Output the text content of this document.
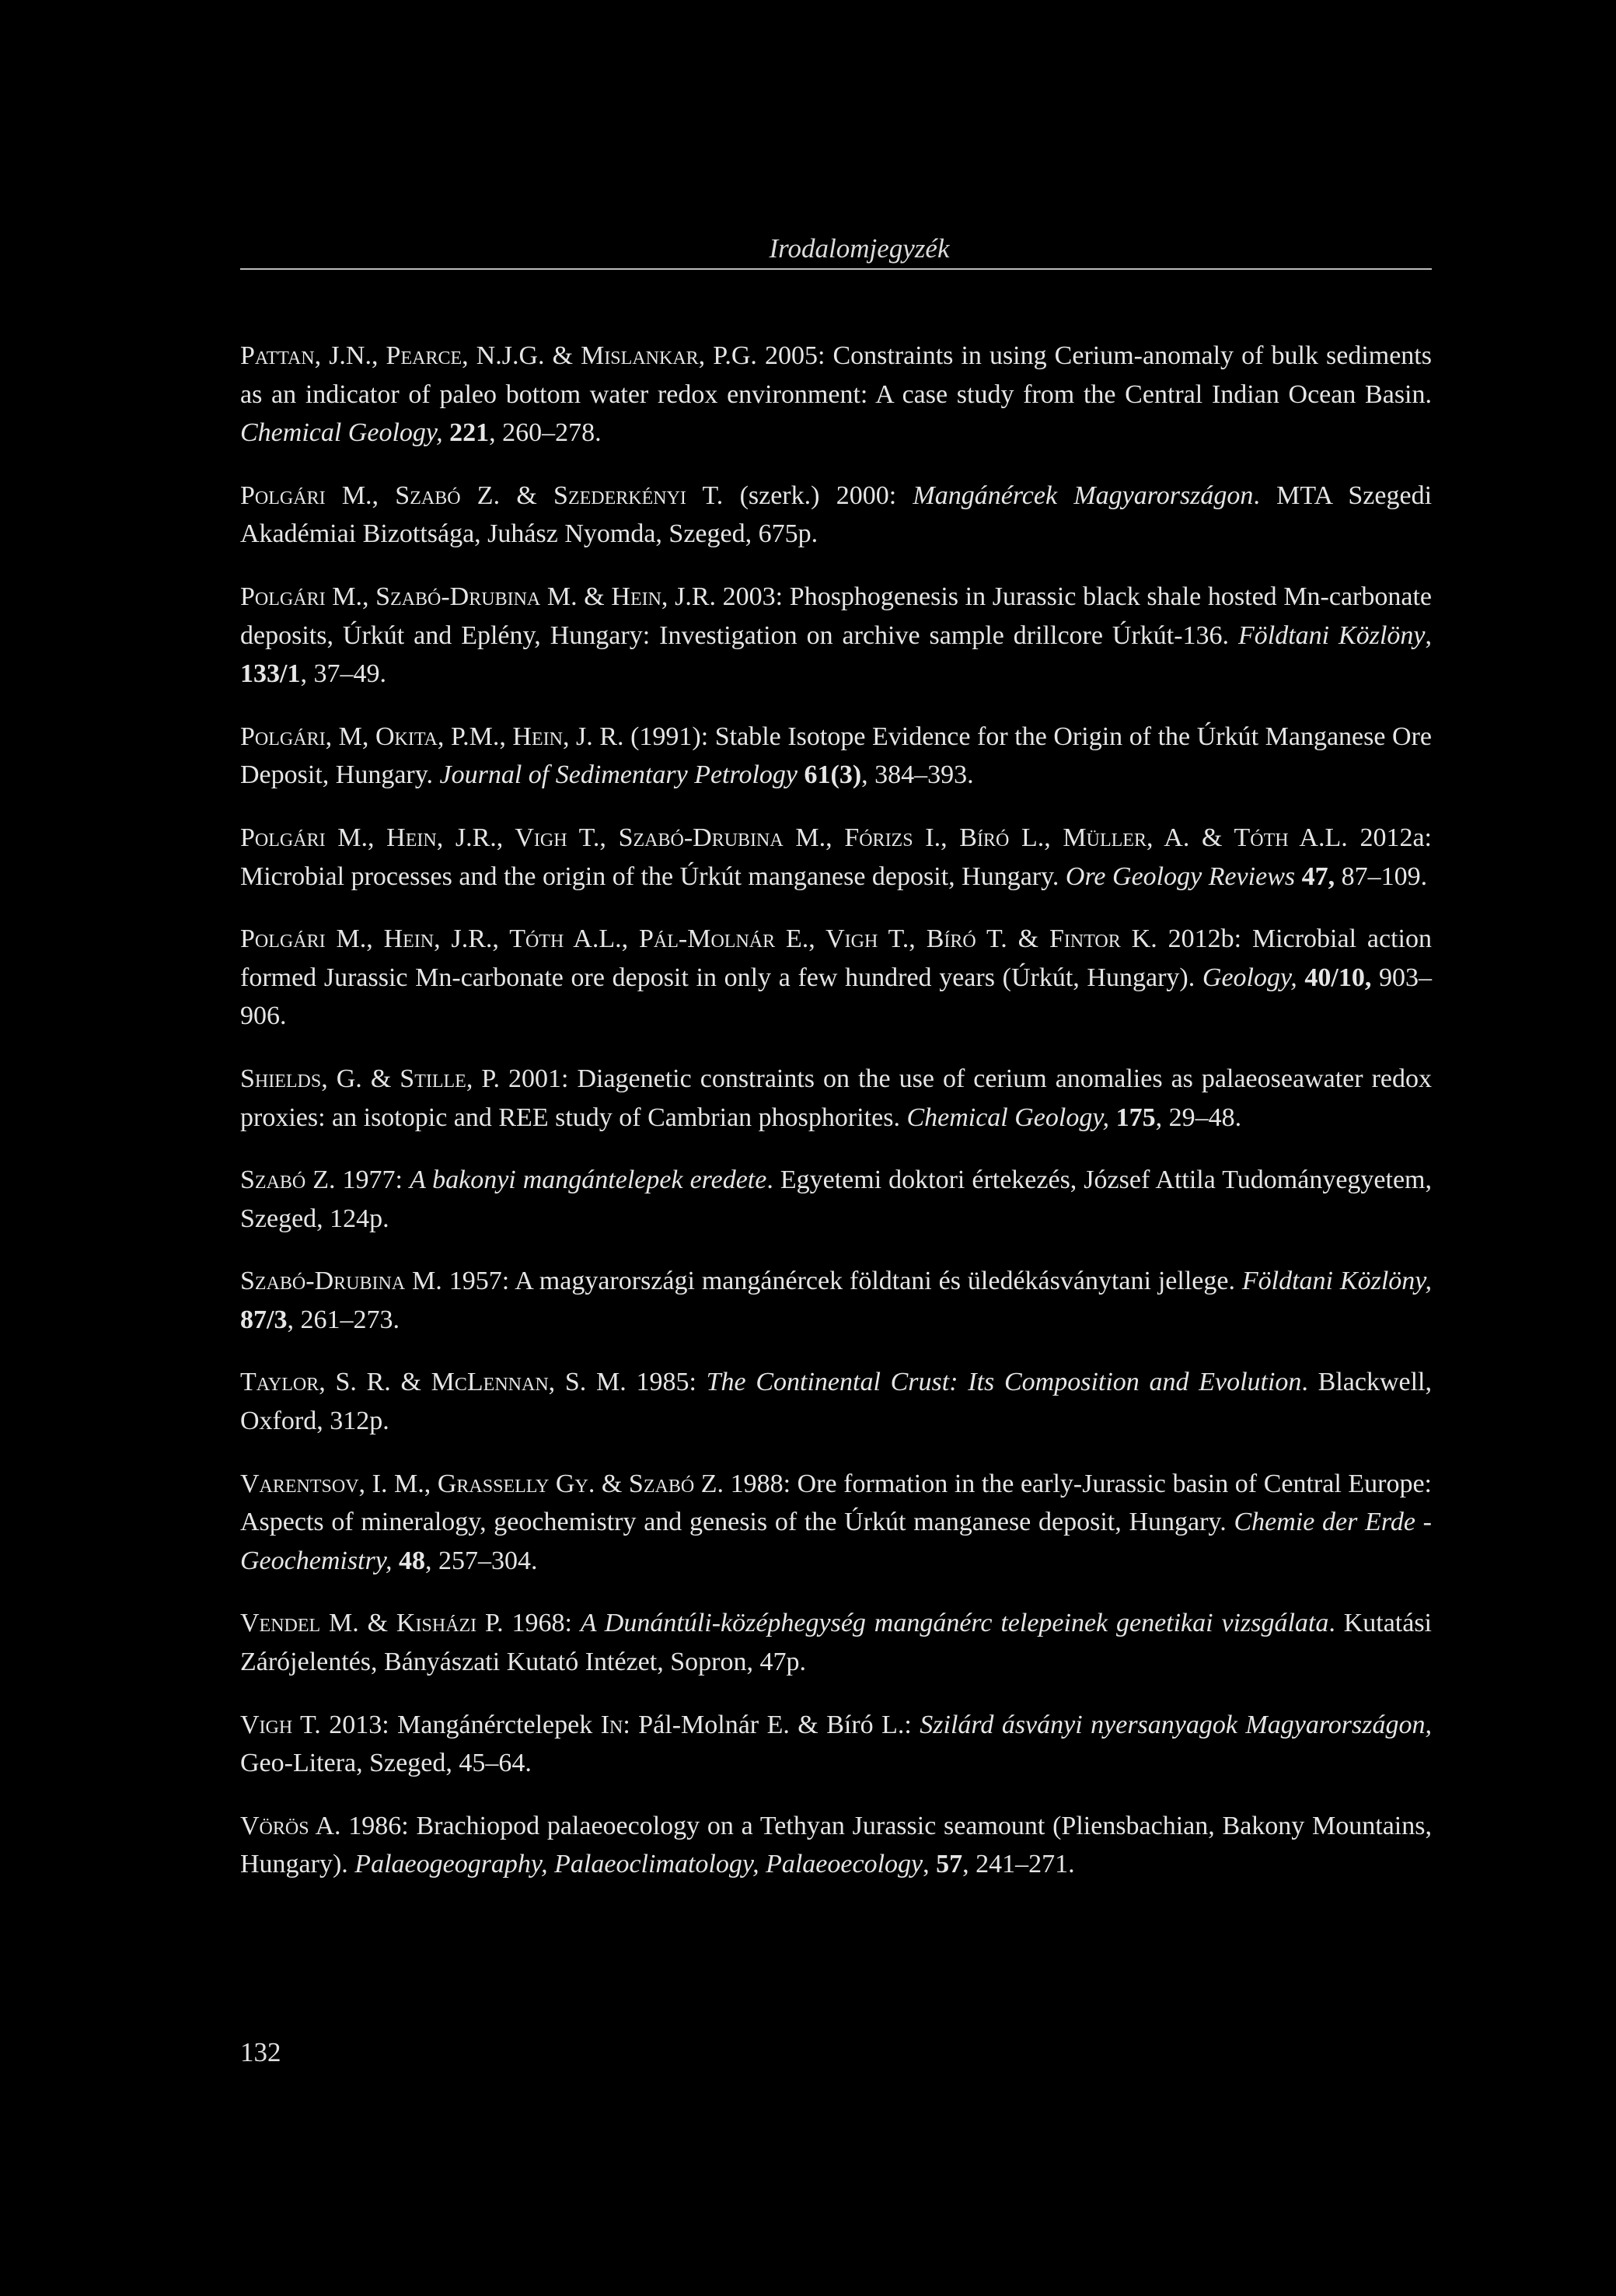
Irodalomjegyzék

Pattan, J.N., Pearce, N.J.G. & Mislankar, P.G. 2005: Constraints in using Cerium-anomaly of bulk sediments as an indicator of paleo bottom water redox environment: A case study from the Central Indian Ocean Basin. Chemical Geology, 221, 260–278.

Polgári M., Szabó Z. & Szederkényi T. (szerk.) 2000: Mangánércek Magyarországon. MTA Szegedi Akadémiai Bizottsága, Juhász Nyomda, Szeged, 675p.

Polgári M., Szabó-Drubina M. & Hein, J.R. 2003: Phosphogenesis in Jurassic black shale hosted Mn-carbonate deposits, Úrkút and Eplény, Hungary: Investigation on archive sample drillcore Úrkút-136. Földtani Közlöny, 133/1, 37–49.

Polgári, M, Okita, P.M., Hein, J. R. (1991): Stable Isotope Evidence for the Origin of the Úrkút Manganese Ore Deposit, Hungary. Journal of Sedimentary Petrology 61(3), 384–393.

Polgári M., Hein, J.R., Vigh T., Szabó-Drubina M., Fórizs I., Bíró L., Müller, A. & Tóth A.L. 2012a: Microbial processes and the origin of the Úrkút manganese deposit, Hungary. Ore Geology Reviews 47, 87–109.

Polgári M., Hein, J.R., Tóth A.L., Pál-Molnár E., Vigh T., Bíró T. & Fintor K. 2012b: Microbial action formed Jurassic Mn-carbonate ore deposit in only a few hundred years (Úrkút, Hungary). Geology, 40/10, 903–906.

Shields, G. & Stille, P. 2001: Diagenetic constraints on the use of cerium anomalies as palaeoseawater redox proxies: an isotopic and REE study of Cambrian phosphorites. Chemical Geology, 175, 29–48.

Szabó Z. 1977: A bakonyi mangántelepek eredete. Egyetemi doktori értekezés, József Attila Tudományegyetem, Szeged, 124p.

Szabó-Drubina M. 1957: A magyarországi mangánércek földtani és üledékásványtani jellege. Földtani Közlöny, 87/3, 261–273.

Taylor, S. R. & McLennan, S. M. 1985: The Continental Crust: Its Composition and Evolution. Blackwell, Oxford, 312p.

Varentsov, I. M., Grasselly Gy. & Szabó Z. 1988: Ore formation in the early-Jurassic basin of Central Europe: Aspects of mineralogy, geochemistry and genesis of the Úrkút manganese deposit, Hungary. Chemie der Erde - Geochemistry, 48, 257–304.

Vendel M. & Kisházi P. 1968: A Dunántúli-középhegység mangánérc telepeinek genetikai vizsgálata. Kutatási Zárójelentés, Bányászati Kutató Intézet, Sopron, 47p.

Vigh T. 2013: Mangánérctelepek In: Pál-Molnár E. & Bíró L.: Szilárd ásványi nyersanyagok Magyarországon, Geo-Litera, Szeged, 45–64.

Vörös A. 1986: Brachiopod palaeoecology on a Tethyan Jurassic seamount (Pliensbachian, Bakony Mountains, Hungary). Palaeogeography, Palaeoclimatology, Palaeoecology, 57, 241–271.

132
